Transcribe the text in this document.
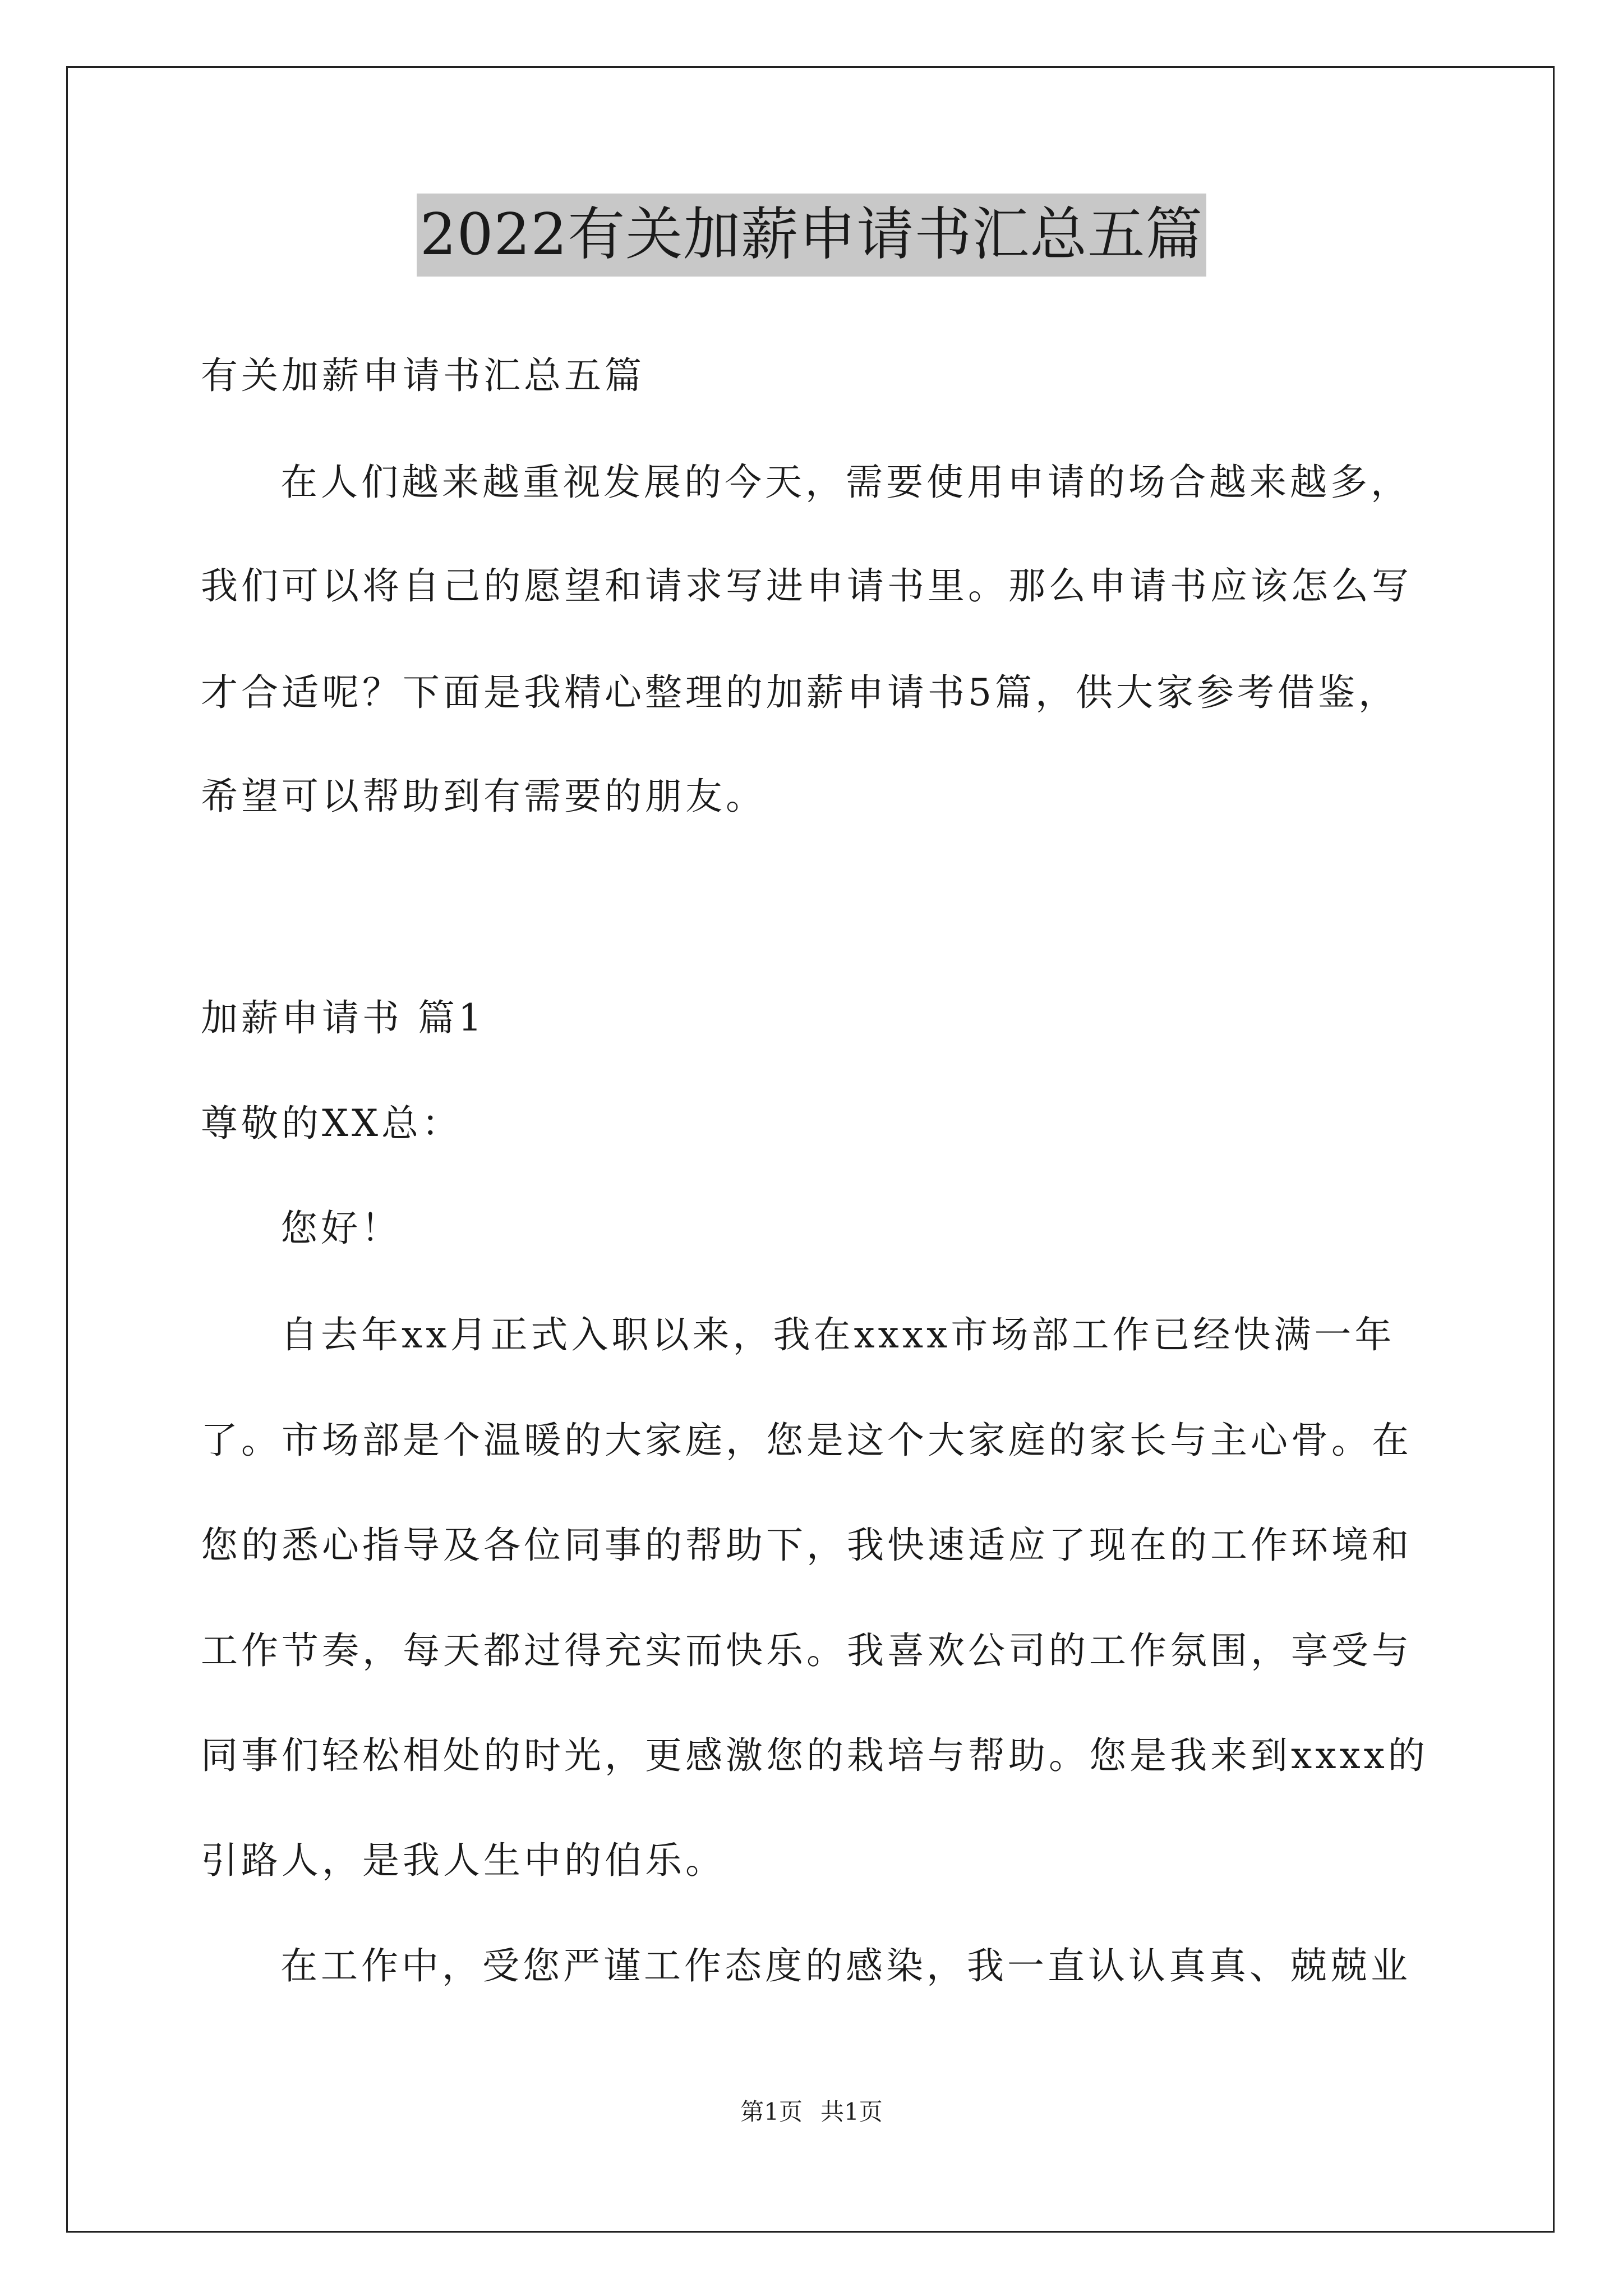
2022有关加薪申请书汇总五篇
有关加薪申请书汇总五篇
在人们越来越重视发展的今天，需要使用申请的场合越来越多，
我们可以将自己的愿望和请求写进申请书里。那么申请书应该怎么写
才合适呢？下面是我精心整理的加薪申请书5篇，供大家参考借鉴，
希望可以帮助到有需要的朋友。
加薪申请书 篇1
尊敬的XX总：
您好！
自去年xx月正式入职以来，我在xxxx市场部工作已经快满一年
了。市场部是个温暖的大家庭，您是这个大家庭的家长与主心骨。在
您的悉心指导及各位同事的帮助下，我快速适应了现在的工作环境和
工作节奏，每天都过得充实而快乐。我喜欢公司的工作氛围，享受与
同事们轻松相处的时光，更感激您的栽培与帮助。您是我来到xxxx的
引路人，是我人生中的伯乐。
在工作中，受您严谨工作态度的感染，我一直认认真真、兢兢业
第1页 共1页
